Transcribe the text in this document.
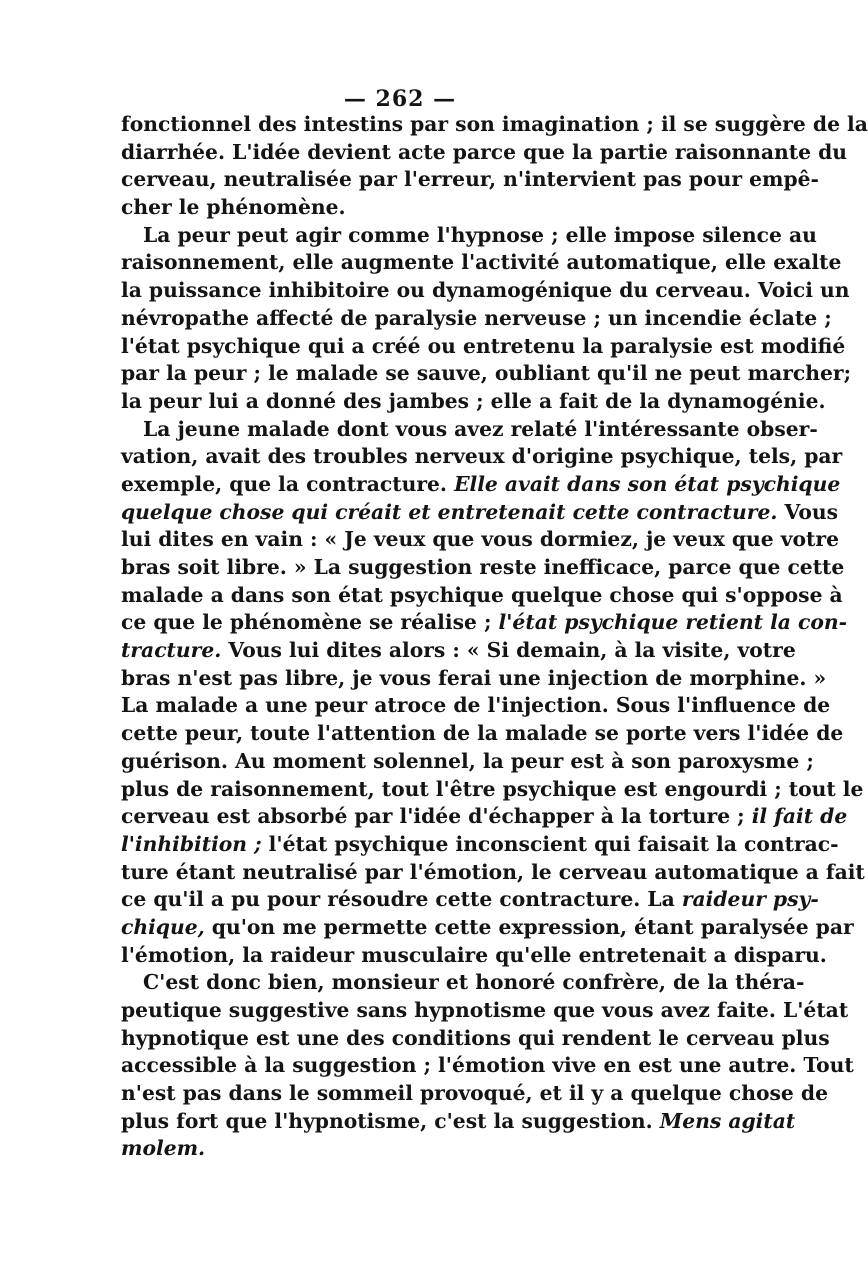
— 262 —
fonctionnel des intestins par son imagination ; il se suggère de la
diarrhée. L'idée devient acte parce que la partie raisonnante du
cerveau, neutralisée par l'erreur, n'intervient pas pour empê-
cher le phénomène.
La peur peut agir comme l'hypnose ; elle impose silence au
raisonnement, elle augmente l'activité automatique, elle exalte
la puissance inhibitoire ou dynamogénique du cerveau. Voici un
névropathe affecté de paralysie nerveuse ; un incendie éclate ;
l'état psychique qui a créé ou entretenu la paralysie est modifié
par la peur ; le malade se sauve, oubliant qu'il ne peut marcher;
la peur lui a donné des jambes ; elle a fait de la dynamogénie.
La jeune malade dont vous avez relaté l'intéressante obser-
vation, avait des troubles nerveux d'origine psychique, tels, par
exemple, que la contracture. Elle avait dans son état psychique
quelque chose qui créait et entretenait cette contracture. Vous
lui dites en vain : « Je veux que vous dormiez, je veux que votre
bras soit libre. » La suggestion reste inefficace, parce que cette
malade a dans son état psychique quelque chose qui s'oppose à
ce que le phénomène se réalise ; l'état psychique retient la con-
tracture. Vous lui dites alors : « Si demain, à la visite, votre
bras n'est pas libre, je vous ferai une injection de morphine. »
La malade a une peur atroce de l'injection. Sous l'influence de
cette peur, toute l'attention de la malade se porte vers l'idée de
guérison. Au moment solennel, la peur est à son paroxysme ;
plus de raisonnement, tout l'être psychique est engourdi ; tout le
cerveau est absorbé par l'idée d'échapper à la torture ; il fait de
l'inhibition ; l'état psychique inconscient qui faisait la contrac-
ture étant neutralisé par l'émotion, le cerveau automatique a fait
ce qu'il a pu pour résoudre cette contracture. La raideur psy-
chique, qu'on me permette cette expression, étant paralysée par
l'émotion, la raideur musculaire qu'elle entretenait a disparu.
C'est donc bien, monsieur et honoré confrère, de la théra-
peutique suggestive sans hypnotisme que vous avez faite. L'état
hypnotique est une des conditions qui rendent le cerveau plus
accessible à la suggestion ; l'émotion vive en est une autre. Tout
n'est pas dans le sommeil provoqué, et il y a quelque chose de
plus fort que l'hypnotisme, c'est la suggestion. Mens agitat
molem.
